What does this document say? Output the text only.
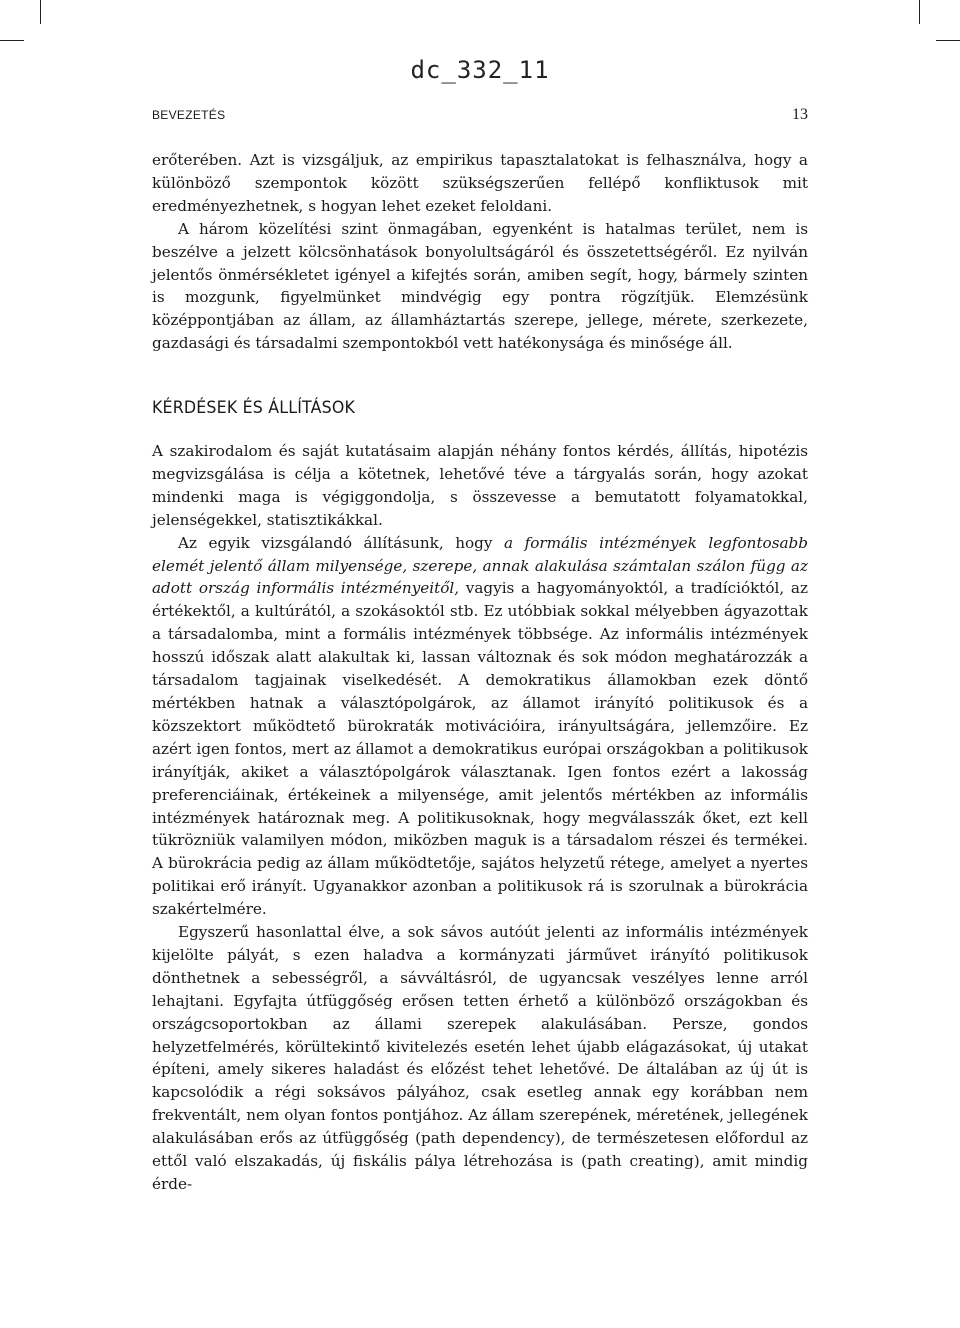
dc_332_11
BEVEZETÉS	13

erőterében. Azt is vizsgáljuk, az empirikus tapasztalatokat is felhasználva, hogy a különböző szempontok között szükségszerűen fellépő konfliktusok mit eredményezhetnek, s hogyan lehet ezeket feloldani.

A három közelítési szint önmagában, egyenként is hatalmas terület, nem is beszélve a jelzett kölcsönhatások bonyolultságáról és összetettségéről. Ez nyilván jelentős önmérsékletet igényel a kifejtés során, amiben segít, hogy, bármely szinten is mozgunk, figyelmünket mindvégig egy pontra rögzítjük. Elemzésünk középpontjában az állam, az államháztartás szerepe, jellege, mérete, szerkezete, gazdasági és társadalmi szempontokból vett hatékonysága és minősége áll.

KÉRDÉSEK ÉS ÁLLÍTÁSOK

A szakirodalom és saját kutatásaim alapján néhány fontos kérdés, állítás, hipotézis megvizsgálása is célja a kötetnek, lehetővé téve a tárgyalás során, hogy azokat mindenki maga is végiggondolja, s összevesse a bemutatott folyamatokkal, jelenségekkel, statisztikákkal.

Az egyik vizsgálandó állításunk, hogy a formális intézmények legfontosabb elemét jelentő állam milyensége, szerepe, annak alakulása számtalan szálon függ az adott ország informális intézményeitől, vagyis a hagyományoktól, a tradícióktól, az értékektől, a kultúrától, a szokásoktól stb. Ez utóbbiak sokkal mélyebben ágyazottak a társadalomba, mint a formális intézmények többsége. Az informális intézmények hosszú időszak alatt alakultak ki, lassan változnak és sok módon meghatározzák a társadalom tagjainak viselkedését. A demokratikus államokban ezek döntő mértékben hatnak a választópolgárok, az államot irányító politikusok és a közszektort működtető bürokraták motivációira, irányultságára, jellemzőire. Ez azért igen fontos, mert az államot a demokratikus európai országokban a politikusok irányítják, akiket a választópolgárok választanak. Igen fontos ezért a lakosság preferenciáinak, értékeinek a milyensége, amit jelentős mértékben az informális intézmények határoznak meg. A politikusoknak, hogy megválasszák őket, ezt kell tükrözniük valamilyen módon, miközben maguk is a társadalom részei és termékei. A bürokrácia pedig az állam működtetője, sajátos helyzetű rétege, amelyet a nyertes politikai erő irányít. Ugyanakkor azonban a politikusok rá is szorulnak a bürokrácia szakértelmére.

Egyszerű hasonlattal élve, a sok sávos autóút jelenti az informális intézmények kijelölte pályát, s ezen haladva a kormányzati járművet irányító politikusok dönthetnek a sebességről, a sávváltásról, de ugyancsak veszélyes lenne arról lehajtani. Egyfajta útfüggőség erősen tetten érhető a különböző országokban és országcsoportokban az állami szerepek alakulásában. Persze, gondos helyzetfelmérés, körültekintő kivitelezés esetén lehet újabb elágazásokat, új utakat építeni, amely sikeres haladást és előzést tehet lehetővé. De általában az új út is kapcsolódik a régi soksávos pályához, csak esetleg annak egy korábban nem frekventált, nem olyan fontos pontjához. Az állam szerepének, méretének, jellegének alakulásában erős az útfüggőség (path dependency), de természetesen előfordul az ettől való elszakadás, új fiskális pálya létrehozása is (path creating), amit mindig érde-
